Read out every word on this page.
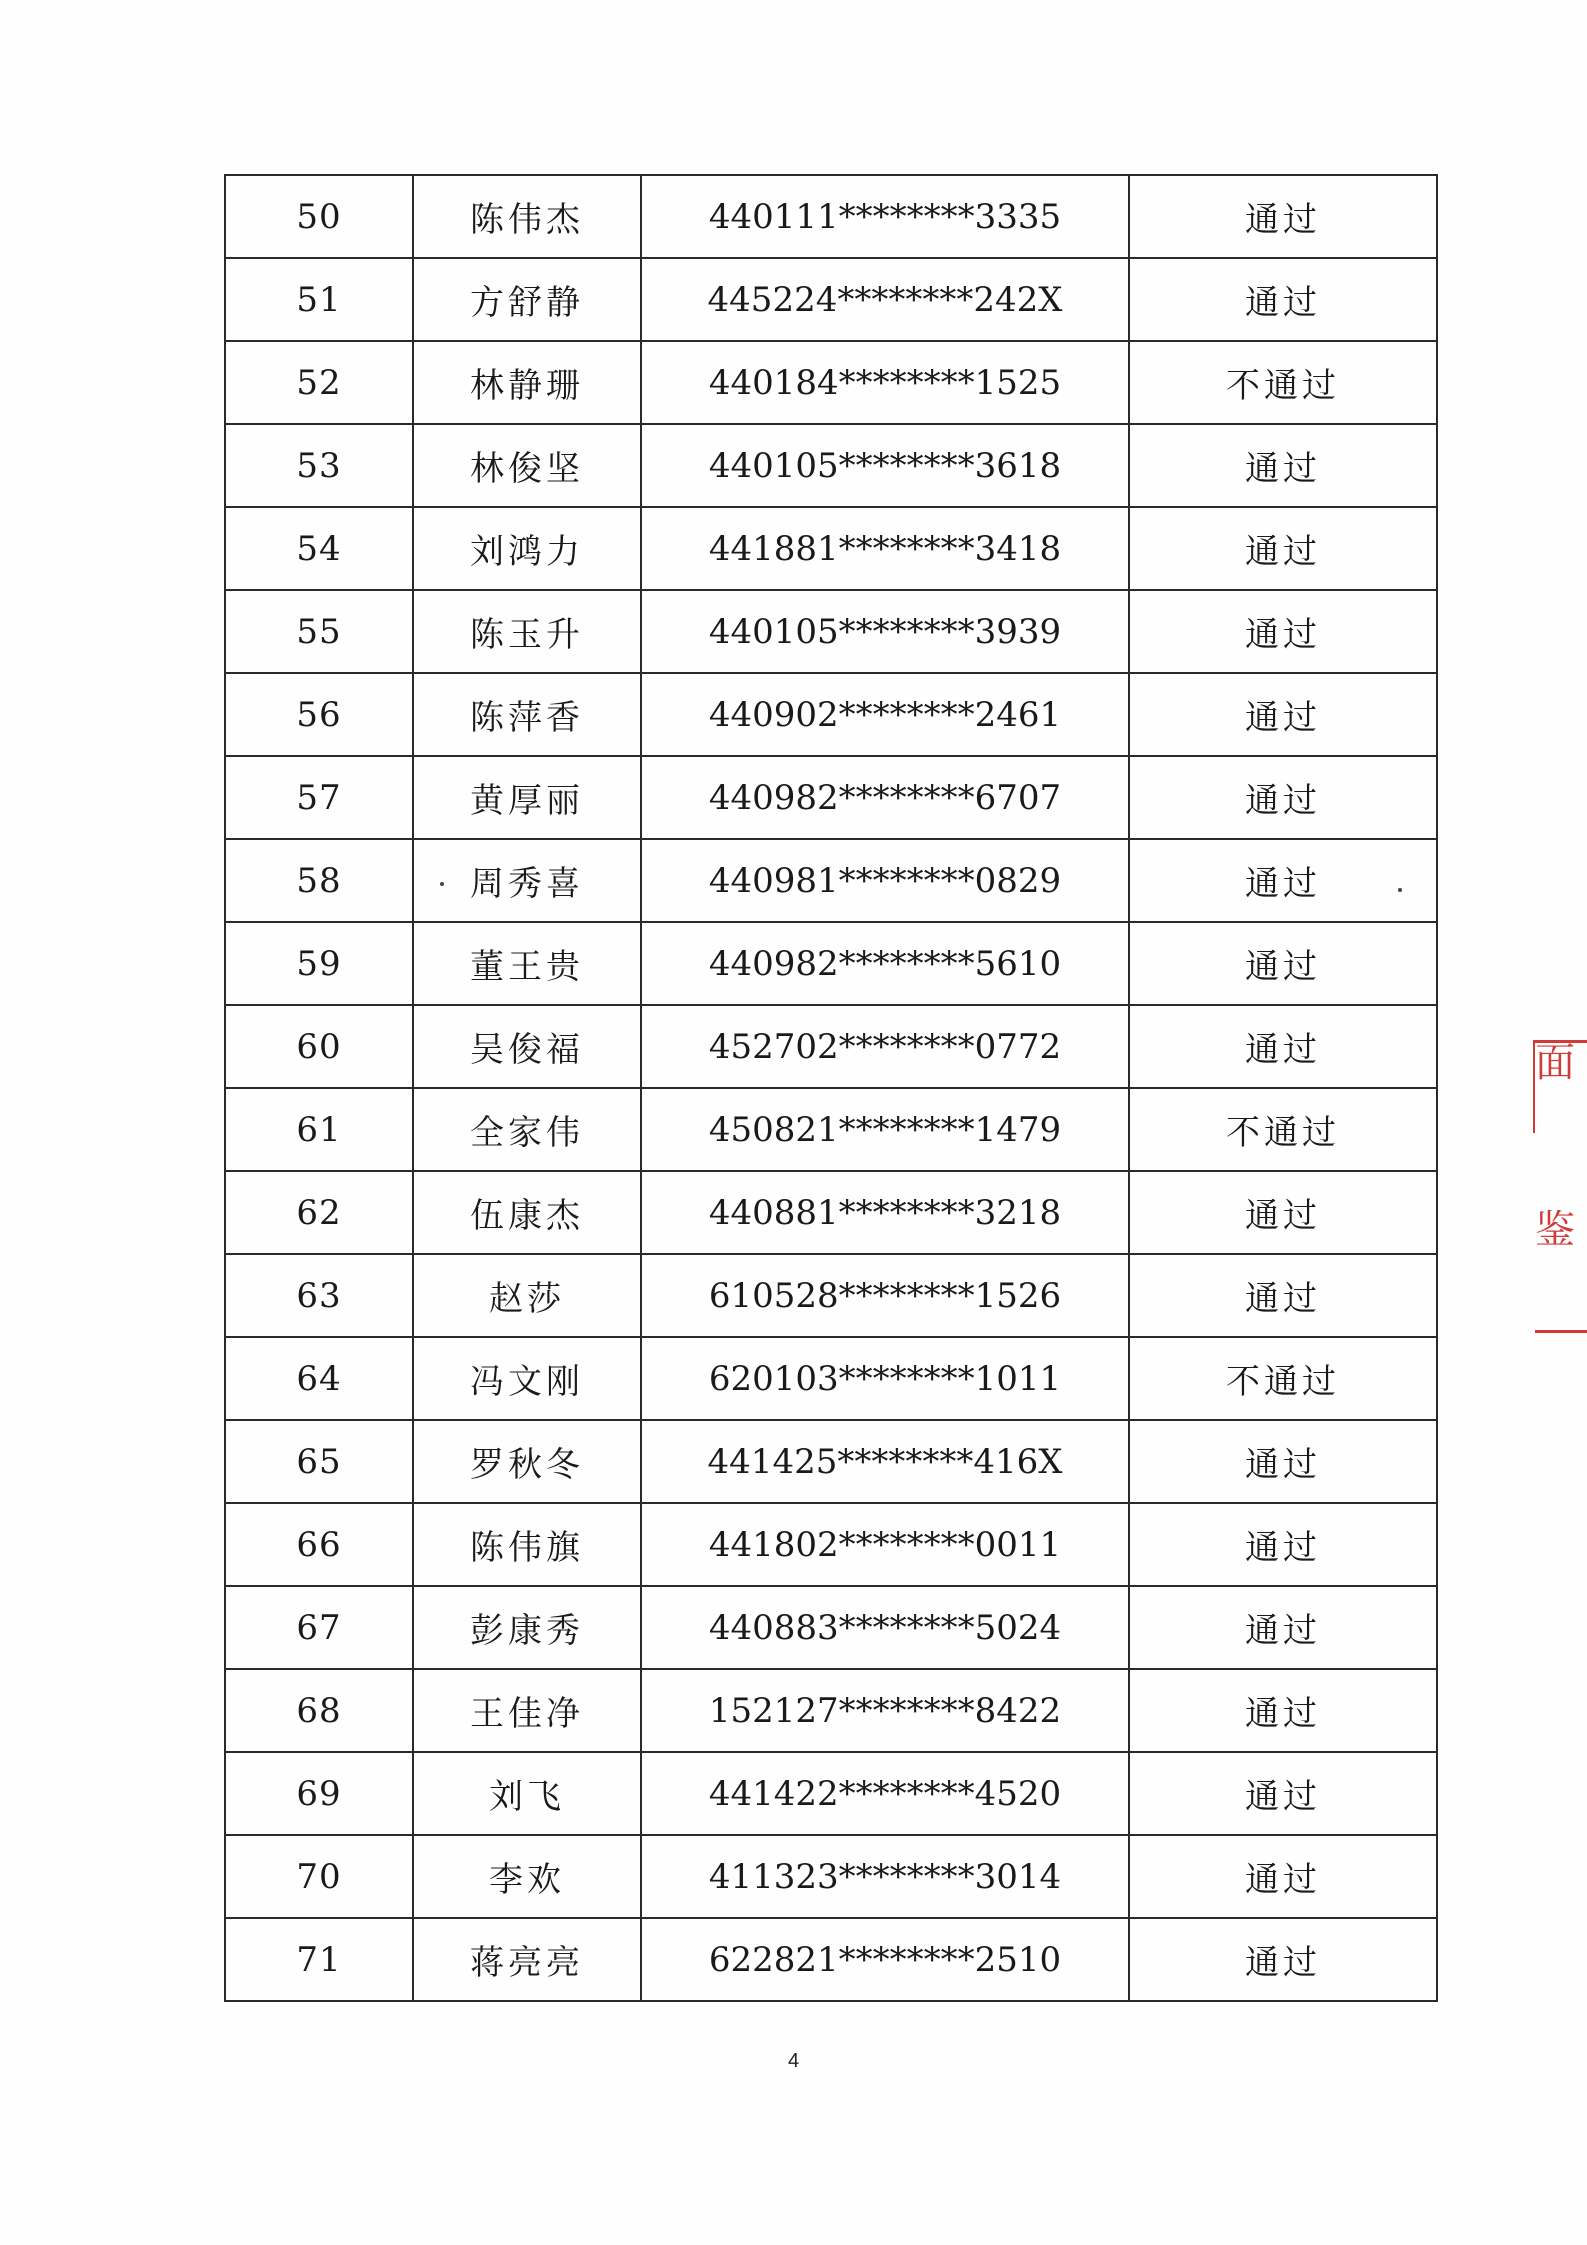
50	陈伟杰	440111********3335	通过
51	方舒静	445224********242X	通过
52	林静珊	440184********1525	不通过
53	林俊坚	440105********3618	通过
54	刘鸿力	441881********3418	通过
55	陈玉升	440105********3939	通过
56	陈萍香	440902********2461	通过
57	黄厚丽	440982********6707	通过
58	周秀喜	440981********0829	通过
59	董王贵	440982********5610	通过
60	吴俊福	452702********0772	通过
61	全家伟	450821********1479	不通过
62	伍康杰	440881********3218	通过
63	赵莎	610528********1526	通过
64	冯文刚	620103********1011	不通过
65	罗秋冬	441425********416X	通过
66	陈伟旗	441802********0011	通过
67	彭康秀	440883********5024	通过
68	王佳净	152127********8422	通过
69	刘飞	441422********4520	通过
70	李欢	411323********3014	通过
71	蒋亮亮	622821********2510	通过
面
鉴
4
